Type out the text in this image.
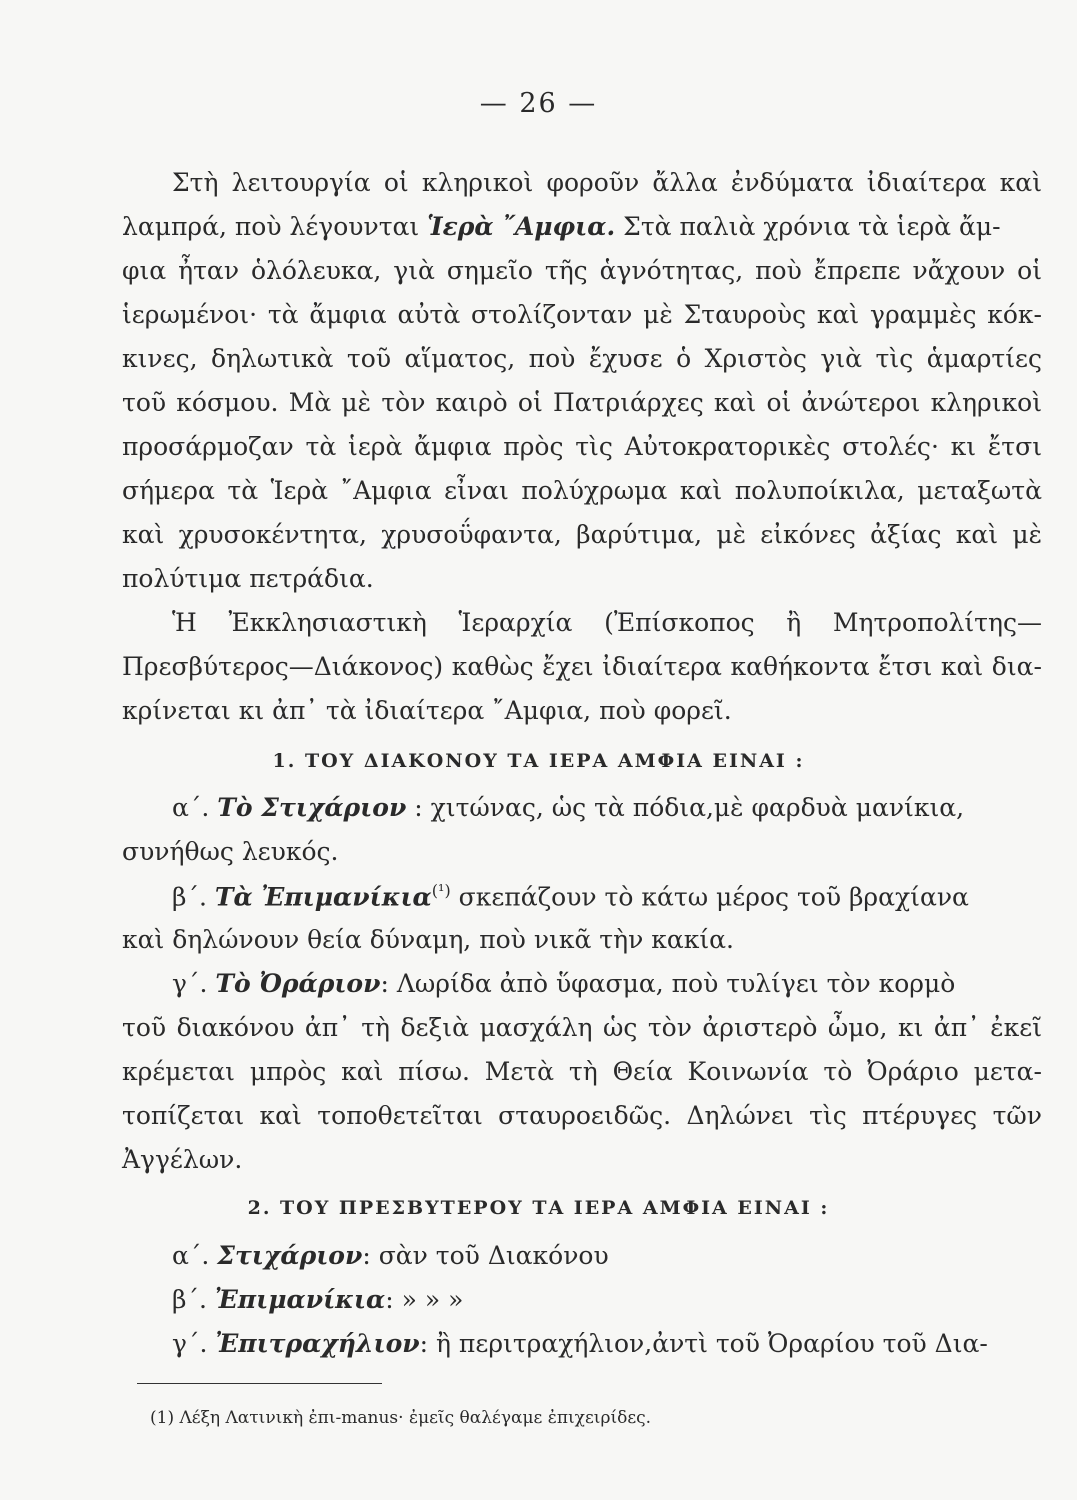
— 26 —
Στὴ λειτουργία οἱ κληρικοὶ φοροῦν ἄλλα ἐνδύματα ἰδιαίτερα καὶ
λαμπρά, ποὺ λέγουνται Ἱερὰ ῎Αμφια. Στὰ παλιὰ χρόνια τὰ ἱερὰ ἄμ-
φια ἦταν ὁλόλευκα, γιὰ σημεῖο τῆς ἁγνότητας, ποὺ ἔπρεπε νἄχουν οἱ
ἱερωμένοι· τὰ ἄμφια αὐτὰ στολίζονταν μὲ Σταυροὺς καὶ γραμμὲς κόκ-
κινες, δηλωτικὰ τοῦ αἵματος, ποὺ ἔχυσε ὁ Χριστὸς γιὰ τὶς ἁμαρτίες
τοῦ κόσμου. Μὰ μὲ τὸν καιρὸ οἱ Πατριάρχες καὶ οἱ ἀνώτεροι κληρικοὶ
προσάρμοζαν τὰ ἱερὰ ἄμφια πρὸς τὶς Αὐτοκρατορικὲς στολές· κι ἔτσι
σήμερα τὰ Ἱερὰ ῎Αμφια εἶναι πολύχρωμα καὶ πολυποίκιλα, μεταξωτὰ
καὶ χρυσοκέντητα, χρυσοΰφαντα, βαρύτιμα, μὲ εἰκόνες ἀξίας καὶ μὲ
πολύτιμα πετράδια.
Ἡ Ἐκκλησιαστικὴ Ἱεραρχία (Ἐπίσκοπος ἢ Μητροπολίτης—
Πρεσβύτερος—Διάκονος) καθὼς ἔχει ἰδιαίτερα καθήκοντα ἔτσι καὶ δια-
κρίνεται κι ἀπ᾽ τὰ ἰδιαίτερα ῎Αμφια, ποὺ φορεῖ.
1. ΤΟΥ ΔΙΑΚΟΝΟΥ ΤΑ ΙΕΡΑ ΑΜΦΙΑ ΕΙΝΑΙ :
α΄. Τὸ Στιχάριον : χιτώνας, ὡς τὰ πόδια,μὲ φαρδυὰ μανίκια,
συνήθως λευκός.
β΄. Τὰ Ἐπιμανίκια$^{(^1)}$ σκεπάζουν τὸ κάτω μέρος τοῦ βραχίανα
καὶ δηλώνουν θεία δύναμη, ποὺ νικᾶ τὴν κακία.
γ΄. Τὸ Ὀράριον: Λωρίδα ἀπὸ ὕφασμα, ποὺ τυλίγει τὸν κορμὸ
τοῦ διακόνου ἀπ᾽ τὴ δεξιὰ μασχάλη ὡς τὸν ἀριστερὸ ὦμο, κι ἀπ᾽ ἐκεῖ
κρέμεται μπρὸς καὶ πίσω. Μετὰ τὴ Θεία Κοινωνία τὸ Ὀράριο μετα-
τοπίζεται καὶ τοποθετεῖται σταυροειδῶς. Δηλώνει τὶς πτέρυγες τῶν
Ἀγγέλων.
2. ΤΟΥ ΠΡΕΣΒΥΤΕΡΟΥ ΤΑ ΙΕΡΑ ΑΜΦΙΑ ΕΙΝΑΙ :
α΄. Στιχάριον: σὰν τοῦ Διακόνου
β΄. Ἐπιμανίκια: » » »
γ΄. Ἐπιτραχήλιον: ἢ περιτραχήλιον,ἀντὶ τοῦ Ὀραρίου τοῦ Δια-
(1) Λέξη Λατινικὴ ἐπι-manus· ἐμεῖς θαλέγαμε ἐπιχειρίδες.
